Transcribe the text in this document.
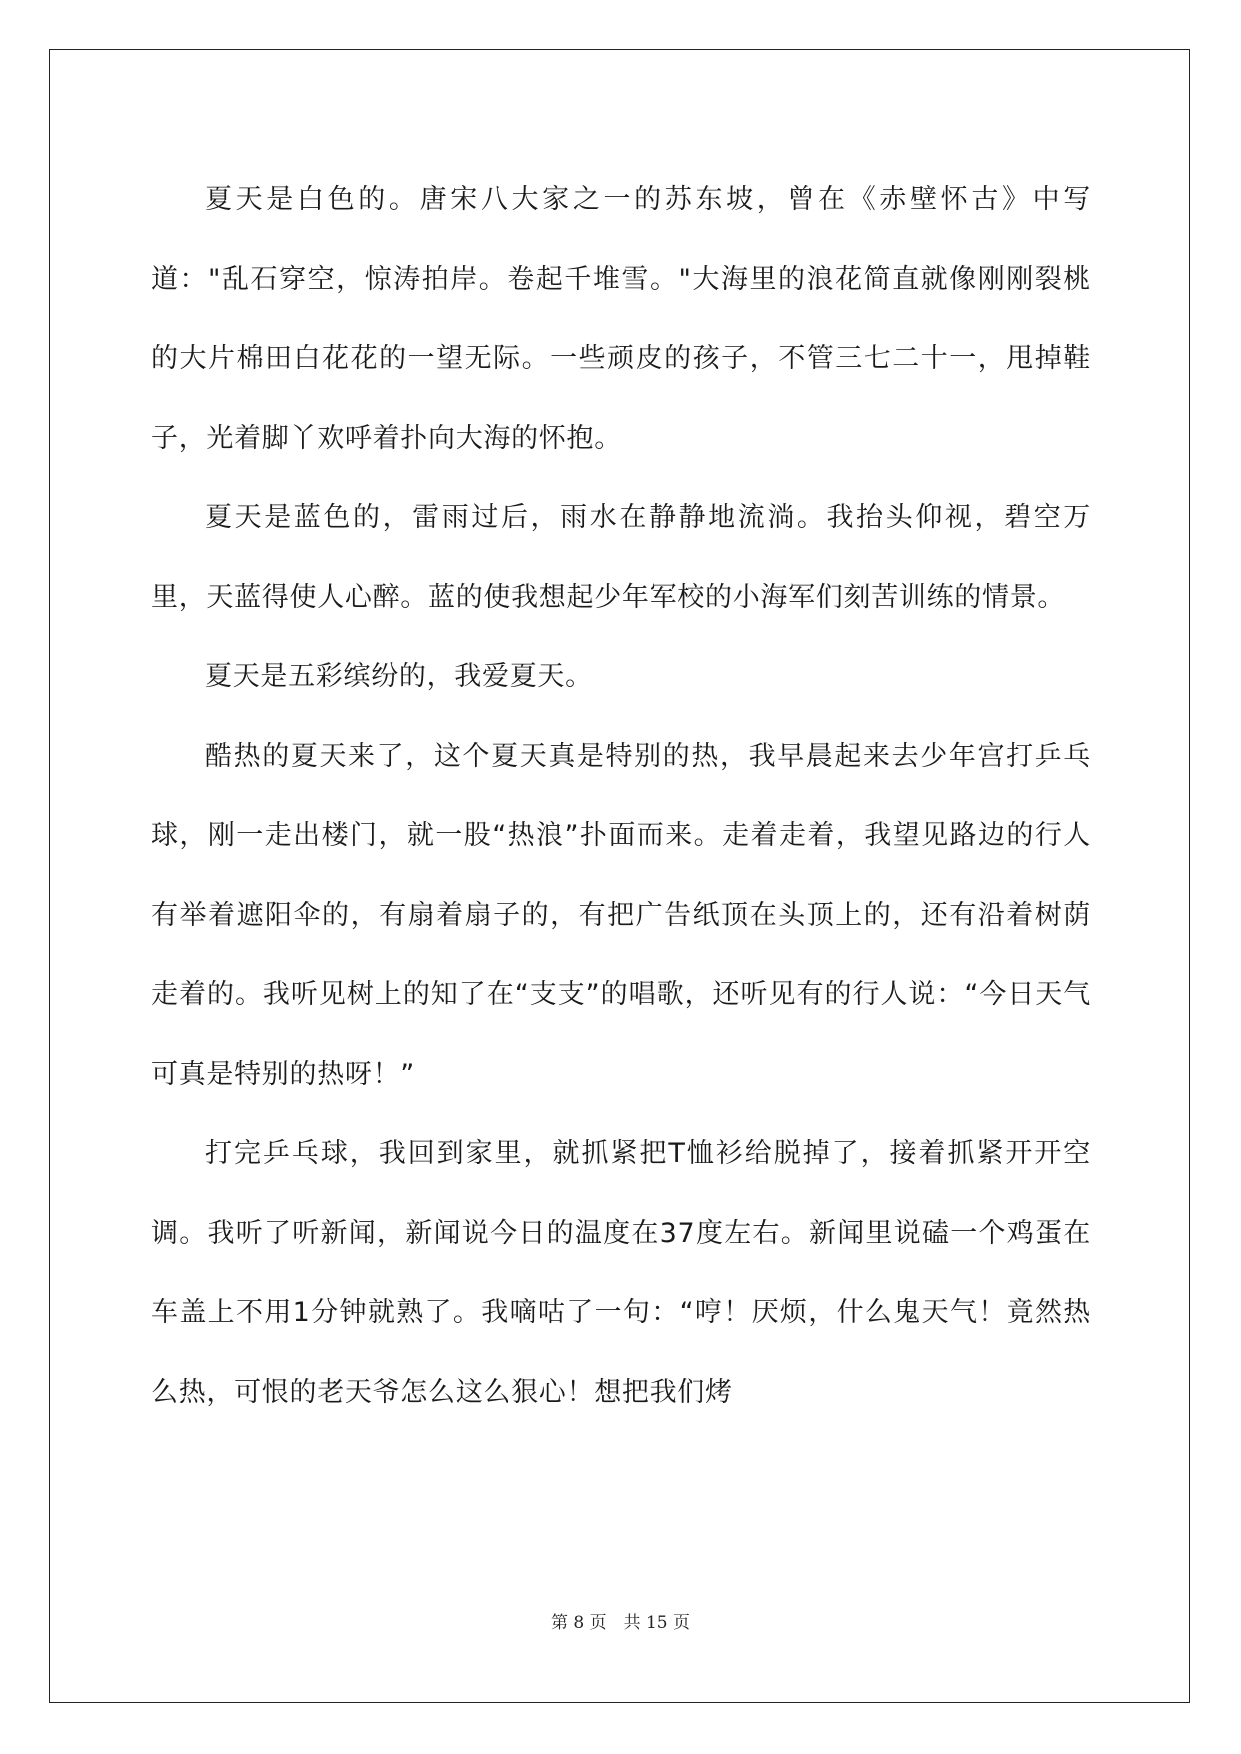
夏天是白色的。唐宋八大家之一的苏东坡，曾在《赤壁怀古》中写道："乱石穿空，惊涛拍岸。卷起千堆雪。"大海里的浪花简直就像刚刚裂桃的大片棉田白花花的一望无际。一些顽皮的孩子，不管三七二十一，甩掉鞋子，光着脚丫欢呼着扑向大海的怀抱。

夏天是蓝色的，雷雨过后，雨水在静静地流淌。我抬头仰视，碧空万里，天蓝得使人心醉。蓝的使我想起少年军校的小海军们刻苦训练的情景。

夏天是五彩缤纷的，我爱夏天。

酷热的夏天来了，这个夏天真是特别的热，我早晨起来去少年宫打乒乓球，刚一走出楼门，就一股“热浪”扑面而来。走着走着，我望见路边的行人有举着遮阳伞的，有扇着扇子的，有把广告纸顶在头顶上的，还有沿着树荫走着的。我听见树上的知了在“支支”的唱歌，还听见有的行人说：“今日天气可真是特别的热呀！”

打完乒乓球，我回到家里，就抓紧把T恤衫给脱掉了，接着抓紧开开空调。我听了听新闻，新闻说今日的温度在37度左右。新闻里说磕一个鸡蛋在车盖上不用1分钟就熟了。我嘀咕了一句：“哼！厌烦，什么鬼天气！竟然热么热，可恨的老天爷怎么这么狠心！想把我们烤

第 8 页　共 15 页
